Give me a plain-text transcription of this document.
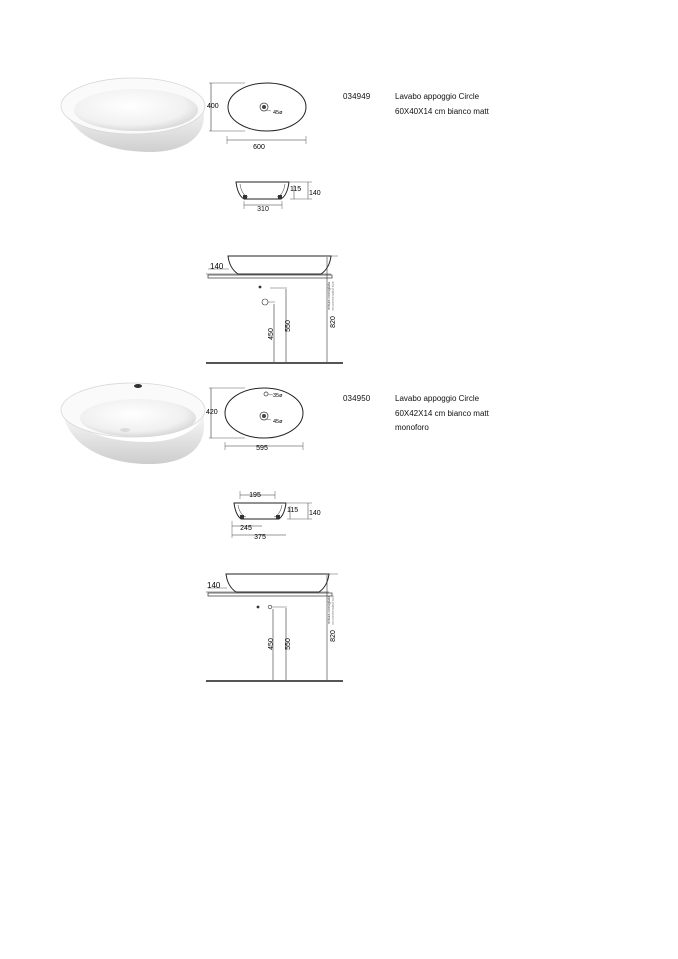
400
45ø
600
034949	Lavabo appoggio Circle
60X40X14 cm bianco matt
115
140
310
140
450
550	820
misura consigliata recommended size
420
35ø
45ø
595
034950	Lavabo appoggio Circle
60X42X14 cm bianco matt
monoforo
195
115 140
245
375
140
450 550
820
misura consigliata recommended size
